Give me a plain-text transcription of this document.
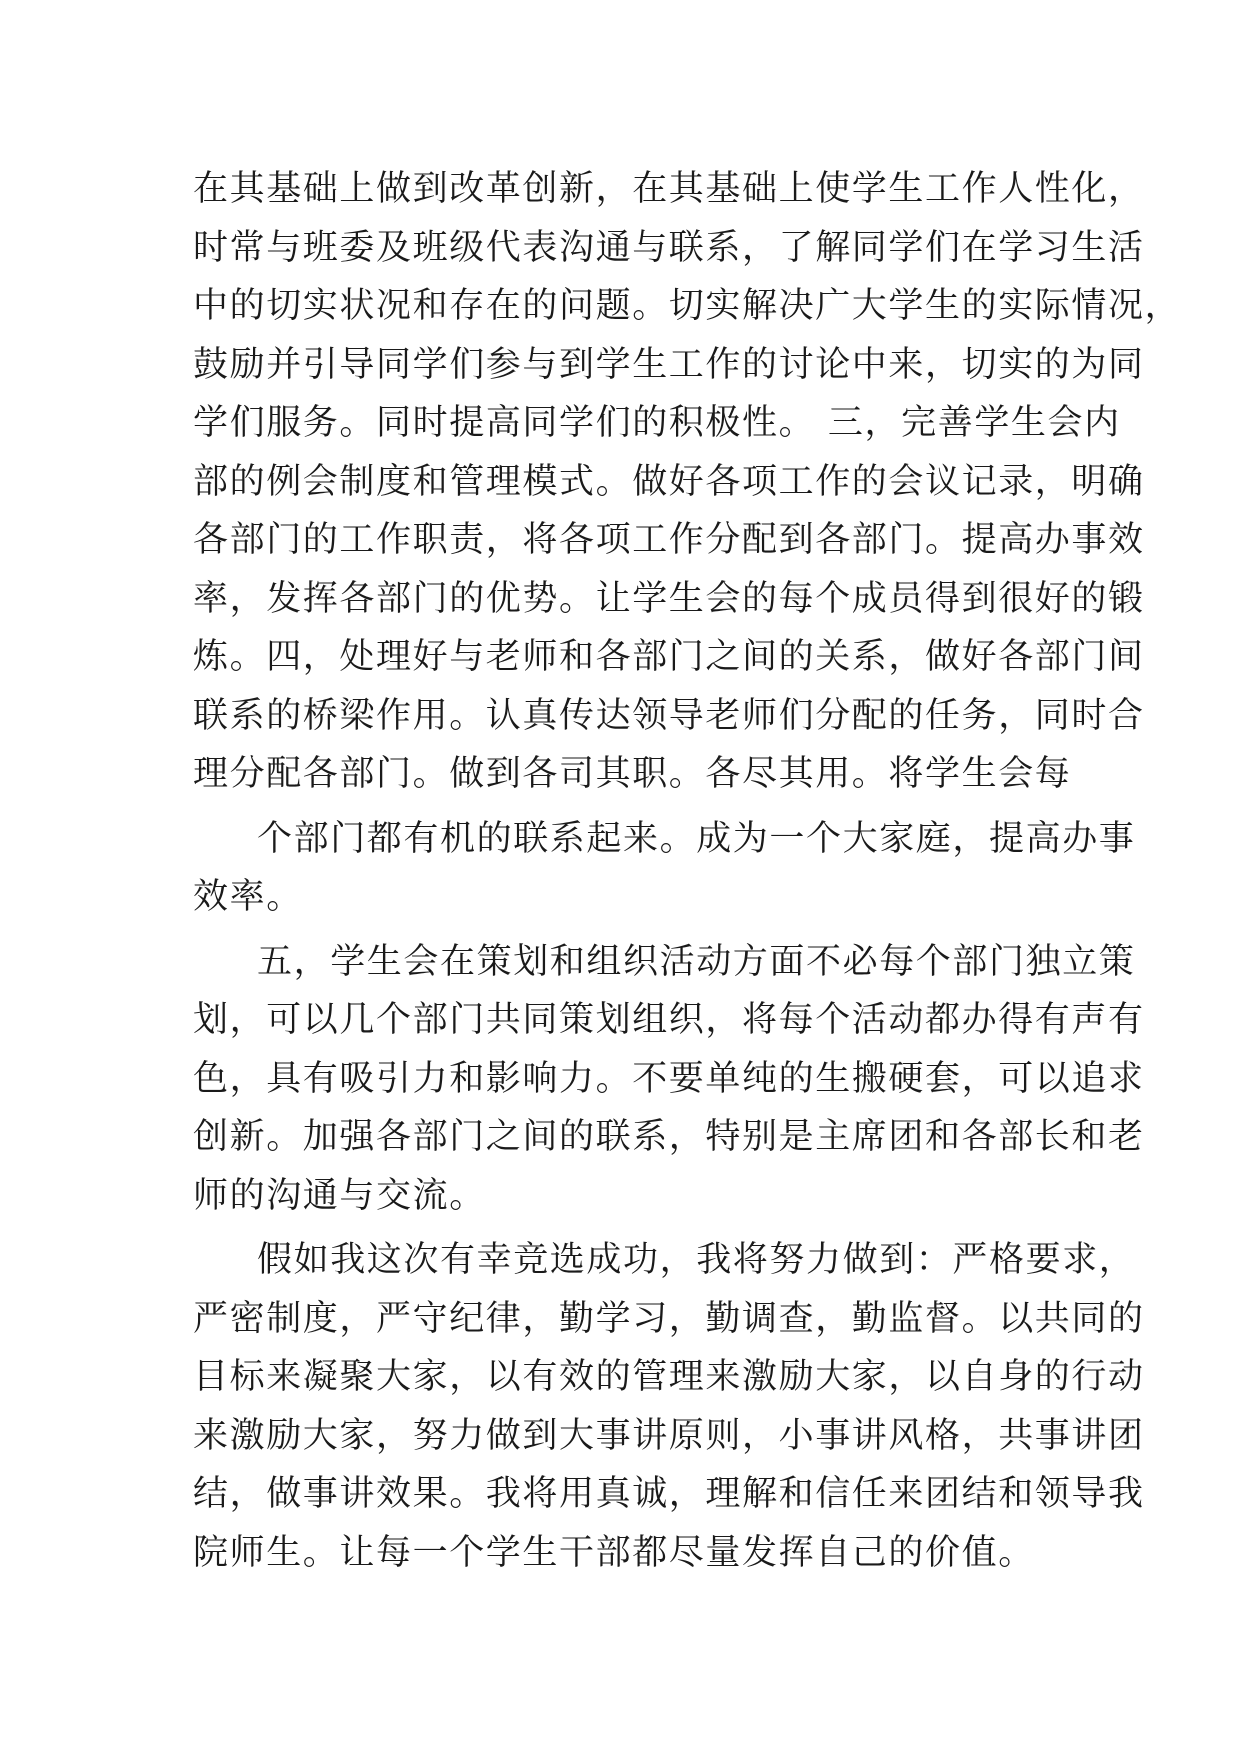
在其基础上做到改革创新，在其基础上使学生工作人性化，
时常与班委及班级代表沟通与联系，了解同学们在学习生活
中的切实状况和存在的问题。切实解决广大学生的实际情况，
鼓励并引导同学们参与到学生工作的讨论中来，切实的为同
学们服务。同时提高同学们的积极性。 三，完善学生会内
部的例会制度和管理模式。做好各项工作的会议记录，明确
各部门的工作职责，将各项工作分配到各部门。提高办事效
率，发挥各部门的优势。让学生会的每个成员得到很好的锻
炼。四，处理好与老师和各部门之间的关系，做好各部门间
联系的桥梁作用。认真传达领导老师们分配的任务，同时合
理分配各部门。做到各司其职。各尽其用。将学生会每
个部门都有机的联系起来。成为一个大家庭，提高办事
效率。
五，学生会在策划和组织活动方面不必每个部门独立策
划，可以几个部门共同策划组织，将每个活动都办得有声有
色，具有吸引力和影响力。不要单纯的生搬硬套，可以追求
创新。加强各部门之间的联系，特别是主席团和各部长和老
师的沟通与交流。
假如我这次有幸竞选成功，我将努力做到：严格要求，
严密制度，严守纪律，勤学习，勤调查，勤监督。以共同的
目标来凝聚大家，以有效的管理来激励大家，以自身的行动
来激励大家，努力做到大事讲原则，小事讲风格，共事讲团
结，做事讲效果。我将用真诚，理解和信任来团结和领导我
院师生。让每一个学生干部都尽量发挥自己的价值。
